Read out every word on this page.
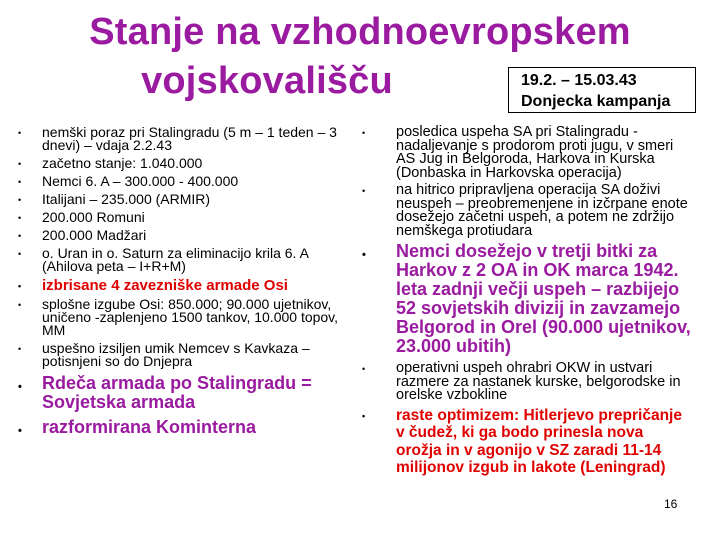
Stanje na vzhodnoevropskem
vojskovališču	19.2. – 15.03.43
Donjecka kampanja
• nemški poraz pri Stalingradu (5 m – 1 teden – 3 dnevi) – vdaja 2.2.43
• začetno stanje: 1.040.000
• Nemci 6. A – 300.000 - 400.000
• Italijani – 235.000 (ARMIR)
• 200.000 Romuni
• 200.000 Madžari
• o. Uran in o. Saturn za eliminacijo krila 6. A (Ahilova peta – I+R+M)
• izbrisane 4 zavezniške armade Osi
• splošne izgube Osi: 850.000; 90.000 ujetnikov, uničeno -zaplenjeno 1500 tankov, 10.000 topov, MM
• uspešno izsiljen umik Nemcev s Kavkaza – potisnjeni so do Dnjepra
• Rdeča armada po Stalingradu = Sovjetska armada
• razformirana Kominterna
• posledica uspeha SA pri Stalingradu - nadaljevanje s prodorom proti jugu, v smeri AS Jug in Belgoroda, Harkova in Kurska (Donbaska in Harkovska operacija)
• na hitrico pripravljena operacija SA doživi neuspeh – preobremenjene in izčrpane enote dosežejo začetni uspeh, a potem ne zdržijo nemškega protiudara
• Nemci dosežejo v tretji bitki za Harkov z 2 OA in OK marca 1942. leta zadnji večji uspeh – razbijejo 52 sovjetskih divizij in zavzamejo Belgorod in Orel (90.000 ujetnikov, 23.000 ubitih)
• operativni uspeh ohrabri OKW in ustvari razmere za nastanek kurske, belgorodske in orelske vzbokline
• raste optimizem: Hitlerjevo prepričanje v čudež, ki ga bodo prinesla nova orožja in v agonijo v SZ zaradi 11-14 milijonov izgub in lakote (Leningrad)
16
